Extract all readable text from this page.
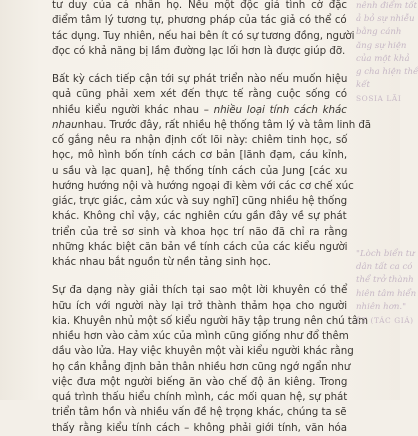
tư duy của cá nhân họ. Nếu một độc giả tình cờ đặc
điểm tâm lý tương tự, phương pháp của tác giả có thể có
tác dụng. Tuy nhiên, nếu hai bên ít có sự tương đồng, người
đọc có khả năng bị lầm đường lạc lối hơn là được giúp đỡ.
Bất kỳ cách tiếp cận tới sự phát triển nào nếu muốn hiệu
quả cũng phải xem xét đến thực tế rằng cuộc sống có
nhiều kiểu người khác nhau – nhiều loại tính cách khác
nhaunhau. Trước đây, rất nhiều hệ thống tâm lý và tâm linh đã
cố gắng nêu ra nhận định cốt lõi này: chiêm tinh học, số
học, mô hình bốn tính cách cơ bản [lãnh đạm, cáu kỉnh,
u sầu và lạc quan], hệ thống tính cách của Jung [các xu
hướng hướng nội và hướng ngoại đi kèm với các cơ chế xúc
giác, trực giác, cảm xúc và suy nghĩ] cũng nhiều hệ thống
khác. Không chỉ vậy, các nghiên cứu gần đây về sự phát
triển của trẻ sơ sinh và khoa học trí não đã chỉ ra rằng
những khác biệt căn bản về tính cách của các kiểu người
khác nhau bắt nguồn từ nền tảng sinh học.
Sự đa dạng này giải thích tại sao một lời khuyên có thể
hữu ích với người này lại trở thành thảm họa cho người
kia. Khuyên nhủ một số kiểu người hãy tập trung nên chú tâm
nhiều hơn vào cảm xúc của mình cũng giống như đổ thêm
dầu vào lửa. Hay việc khuyên một vài kiểu người khác rằng
họ cần khẳng định bản thân nhiều hơn cũng ngớ ngẩn như
việc đưa một người biếng ăn vào chế độ ăn kiêng. Trong
quá trình thấu hiểu chính mình, các mối quan hệ, sự phát
triển tâm hồn và nhiều vấn đề hệ trọng khác, chúng ta sẽ
thấy rằng kiểu tính cách – không phải giới tính, văn hóa
nênh điểm tốt
ả bỏ sự nhiễu
bằng cánh
ăng sự hiện
của một khả
g cha hiện thể
kết
SOSIA LÃI
"Lòch biển tư
dân tất ca có
thể trở thành
hiên tâm hiển
nhiên hơn."
ÉT (TÁC GIÁ)
